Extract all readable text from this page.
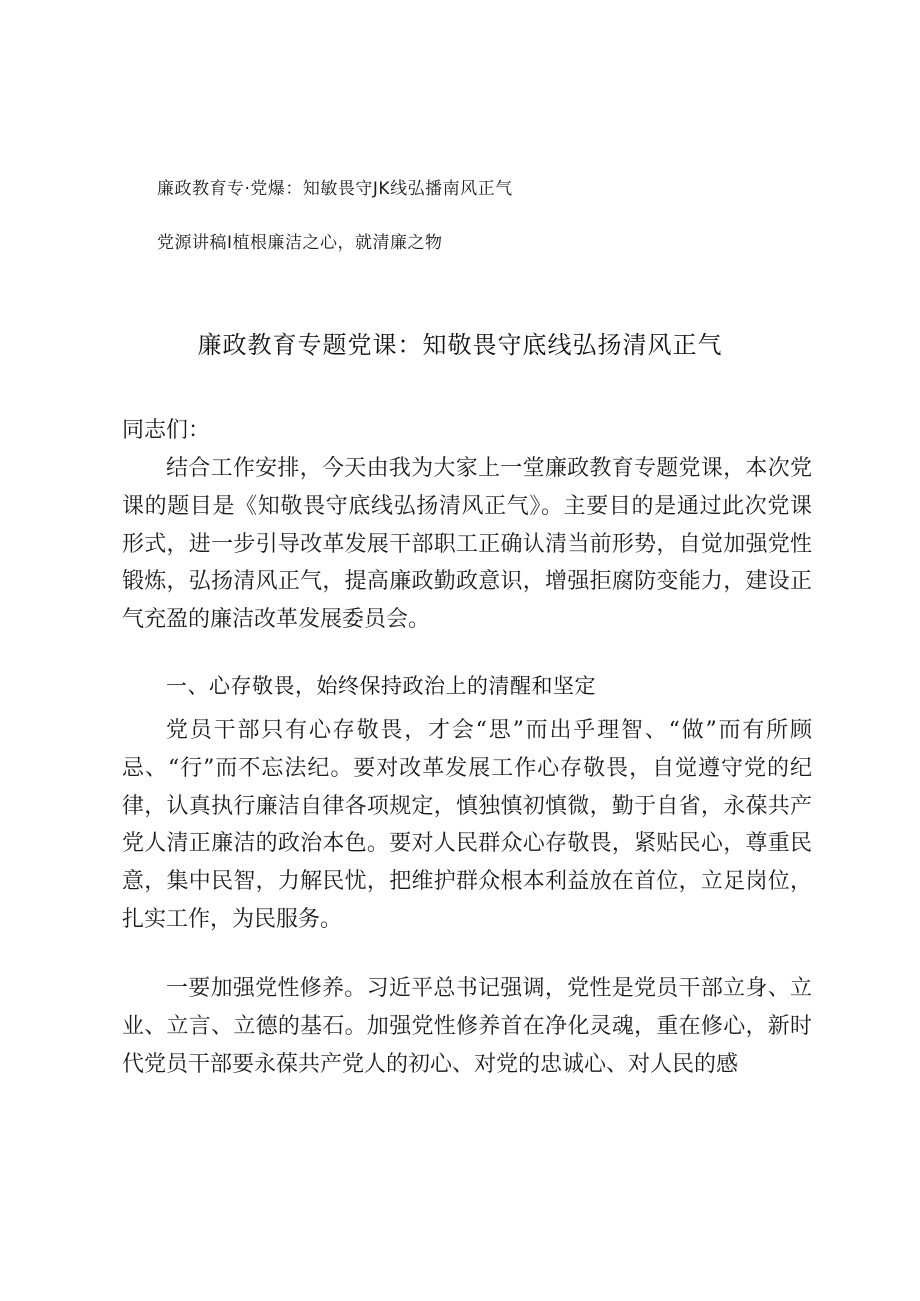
廉政教育专·党爆：知敏畏守JK线弘播南风正气
党源讲稿I植根廉洁之心，就清廉之物
廉政教育专题党课：知敬畏守底线弘扬清风正气
同志们：

结合工作安排，今天由我为大家上一堂廉政教育专题党课，本次党课的题目是《知敬畏守底线弘扬清风正气》。主要目的是通过此次党课形式，进一步引导改革发展干部职工正确认清当前形势，自觉加强党性锻炼，弘扬清风正气，提高廉政勤政意识，增强拒腐防变能力，建设正气充盈的廉洁改革发展委员会。

一、心存敬畏，始终保持政治上的清醒和坚定

党员干部只有心存敬畏，才会“思”而出乎理智、“做”而有所顾忌、“行”而不忘法纪。要对改革发展工作心存敬畏，自觉遵守党的纪律，认真执行廉洁自律各项规定，慎独慎初慎微，勤于自省，永葆共产党人清正廉洁的政治本色。要对人民群众心存敬畏，紧贴民心，尊重民意，集中民智，力解民忧，把维护群众根本利益放在首位，立足岗位，扎实工作，为民服务。

一要加强党性修养。习近平总书记强调，党性是党员干部立身、立业、立言、立德的基石。加强党性修养首在净化灵魂，重在修心，新时代党员干部要永葆共产党人的初心、对党的忠诚心、对人民的感
